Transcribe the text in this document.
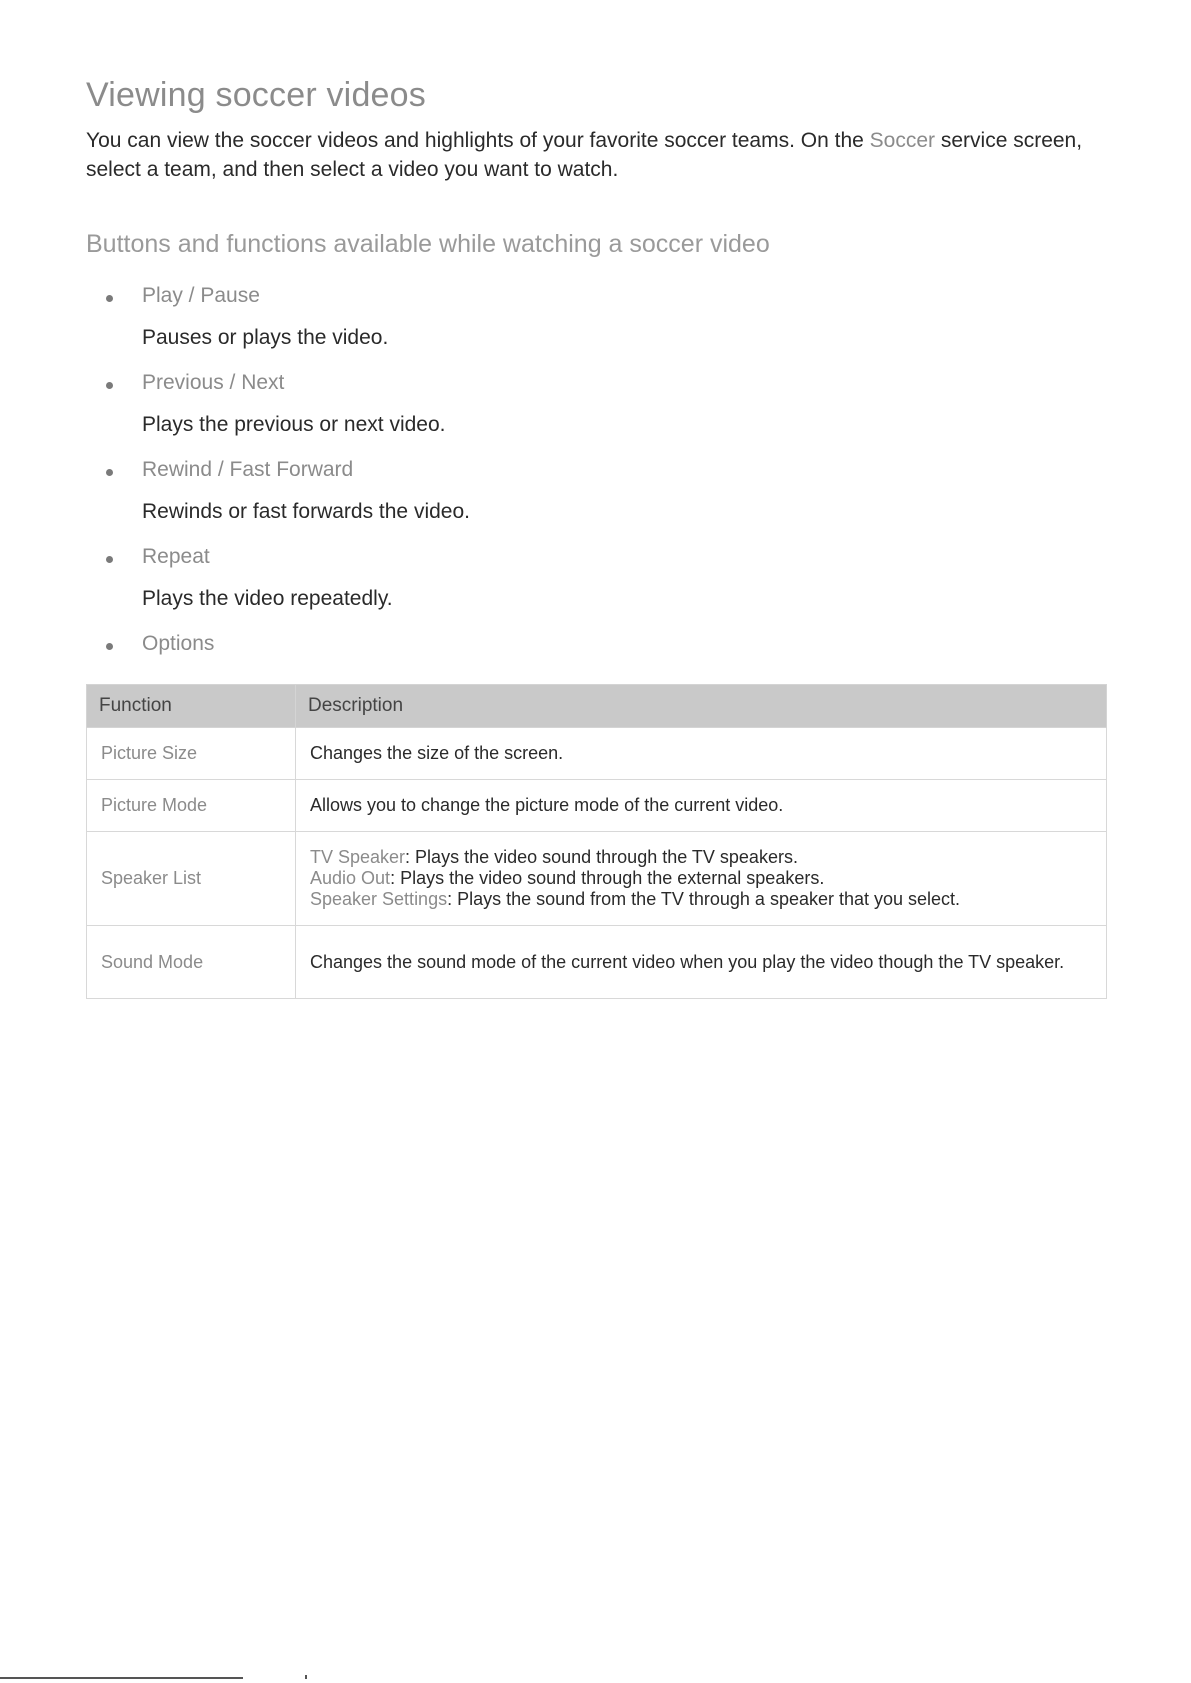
Viewing soccer videos

You can view the soccer videos and highlights of your favorite soccer teams. On the Soccer service screen, select a team, and then select a video you want to watch.

Buttons and functions available while watching a soccer video
Play / Pause
Pauses or plays the video.
Previous / Next
Plays the previous or next video.
Rewind / Fast Forward
Rewinds or fast forwards the video.
Repeat
Plays the video repeatedly.
Options
Function	Description
Picture Size	Changes the size of the screen.
Picture Mode	Allows you to change the picture mode of the current video.
Speaker List	TV Speaker: Plays the video sound through the TV speakers.
Audio Out: Plays the video sound through the external speakers.
Speaker Settings: Plays the sound from the TV through a speaker that you select.

Sound Mode	Changes the sound mode of the current video when you play the video though the TV speaker.
